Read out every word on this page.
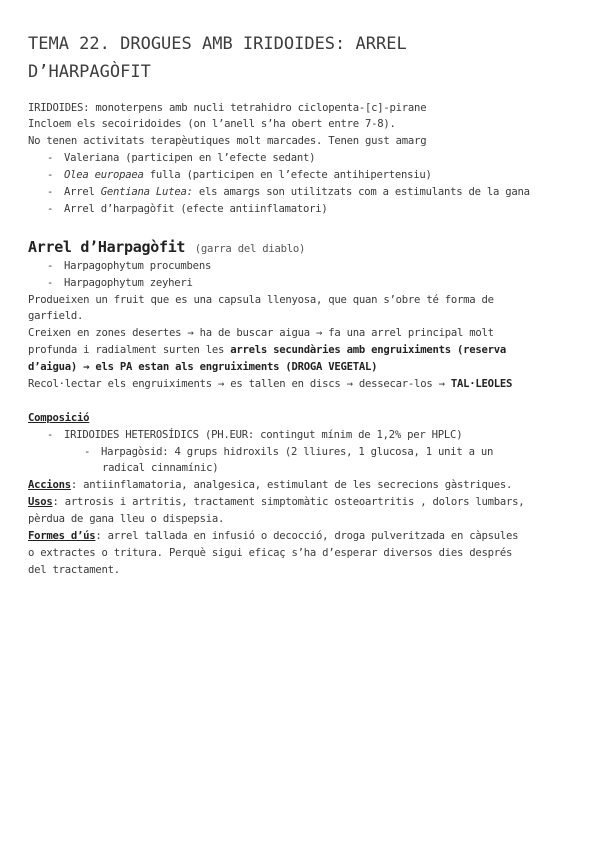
TEMA 22. DROGUES AMB IRIDOIDES: ARREL
D’HARPAGÒFIT
IRIDOIDES: monoterpens amb nucli tetrahidro ciclopenta-[c]-pirane
Incloem els secoiridoides (on l’anell s’ha obert entre 7-8).
No tenen activitats terapèutiques molt marcades. Tenen gust amarg
- Valeriana (participen en l’efecte sedant)
- Olea europaea fulla (participen en l’efecte antihipertensiu)
- Arrel Gentiana Lutea: els amargs son utilitzats com a estimulants de la gana
- Arrel d’harpagòfit (efecte antiinflamatori)
Arrel d’Harpagòfit (garra del diablo)
- Harpagophytum procumbens
- Harpagophytum zeyheri
Produeixen un fruit que es una capsula llenyosa, que quan s’obre té forma de
garfield.
Creixen en zones desertes → ha de buscar aigua → fa una arrel principal molt
profunda i radialment surten les arrels secundàries amb engruiximents (reserva
d’aigua) → els PA estan als engruiximents (DROGA VEGETAL)
Recol·lectar els engruiximents → es tallen en discs → dessecar-los → TAL·LEOLES
Composició
- IRIDOIDES HETEROSÍDICS (PH.EUR: contingut mínim de 1,2% per HPLC)
- Harpagòsid: 4 grups hidroxils (2 lliures, 1 glucosa, 1 unit a un
radical cinnamínic)
Accions: antiinflamatoria, analgesica, estimulant de les secrecions gàstriques.
Usos: artrosis i artritis, tractament simptomàtic osteoartritis , dolors lumbars,
pèrdua de gana lleu o dispepsia.
Formes d’ús: arrel tallada en infusió o decocció, droga pulveritzada en càpsules
o extractes o tritura. Perquè sigui eficaç s’ha d’esperar diversos dies després
del tractament.
